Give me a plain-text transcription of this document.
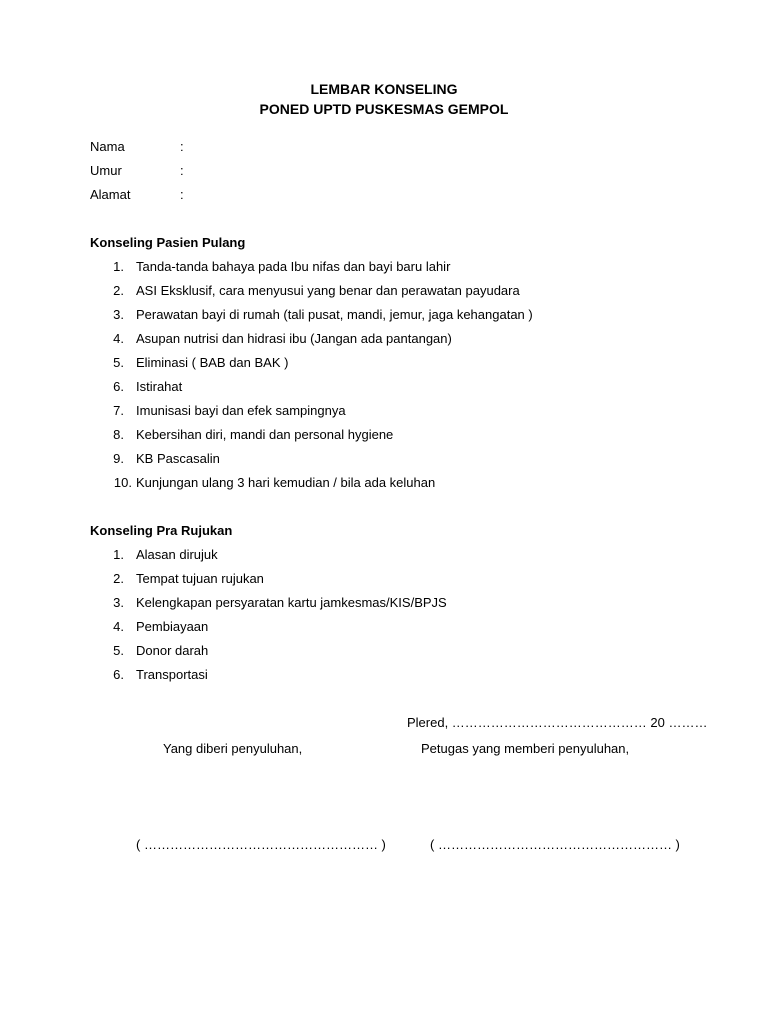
LEMBAR KONSELING
PONED UPTD PUSKESMAS GEMPOL
Nama	:
Umur	:
Alamat	:
Konseling Pasien Pulang
1. Tanda-tanda bahaya pada Ibu nifas dan bayi baru lahir
2. ASI Eksklusif, cara menyusui yang benar dan perawatan payudara
3. Perawatan bayi di rumah (tali pusat, mandi, jemur, jaga kehangatan )
4. Asupan nutrisi dan hidrasi ibu (Jangan ada pantangan)
5. Eliminasi ( BAB dan BAK )
6. Istirahat
7. Imunisasi bayi dan efek sampingnya
8. Kebersihan diri, mandi dan personal hygiene
9. KB Pascasalin
10. Kunjungan ulang 3 hari kemudian / bila ada keluhan
Konseling Pra Rujukan
1. Alasan dirujuk
2. Tempat tujuan rujukan
3. Kelengkapan persyaratan kartu jamkesmas/KIS/BPJS
4. Pembiayaan
5. Donor darah
6. Transportasi
Plered, ……………………………………… 20 ………
Yang diberi penyuluhan,	Petugas yang memberi penyuluhan,
( ……………………………………………… )	( ……………………………………………… )
